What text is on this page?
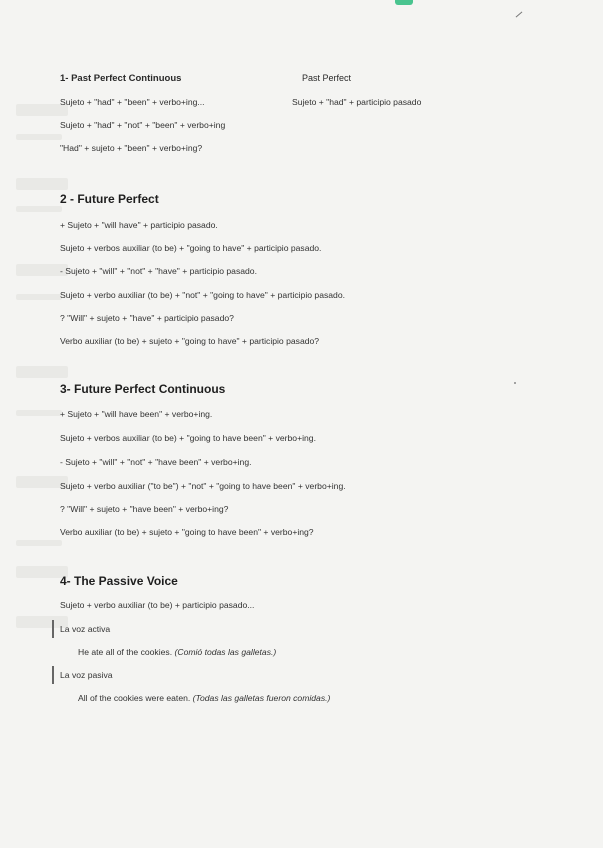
1- Past Perfect Continuous	Past Perfect
Sujeto + "had" + "been" + verbo+ing...	Sujeto + "had" + participio pasado
Sujeto + "had" + "not" + "been" + verbo+ing
"Had" + sujeto + "been" + verbo+ing?
2 - Future Perfect
+ Sujeto + "will have" + participio pasado.
Sujeto + verbos auxiliar (to be) + "going to have" + participio pasado.
- Sujeto + "will" + "not" + "have" + participio pasado.
Sujeto + verbo auxiliar (to be) + "not" + "going to have" + participio pasado.
? "Will" + sujeto + "have" + participio pasado?
Verbo auxiliar (to be) + sujeto + "going to have" + participio pasado?
3- Future Perfect Continuous
+ Sujeto + "will have been" + verbo+ing.
Sujeto + verbos auxiliar (to be) + "going to have been" + verbo+ing.
- Sujeto + "will" + "not" + "have been" + verbo+ing.
Sujeto + verbo auxiliar ("to be") + "not" + "going to have been" + verbo+ing.
? "Will" + sujeto + "have been" + verbo+ing?
Verbo auxiliar (to be) + sujeto + "going to have been" + verbo+ing?
4- The Passive Voice
Sujeto + verbo auxiliar (to be) + participio pasado...
La voz activa
He ate all of the cookies. (Comió todas las galletas.)
La voz pasiva
All of the cookies were eaten. (Todas las galletas fueron comidas.)
